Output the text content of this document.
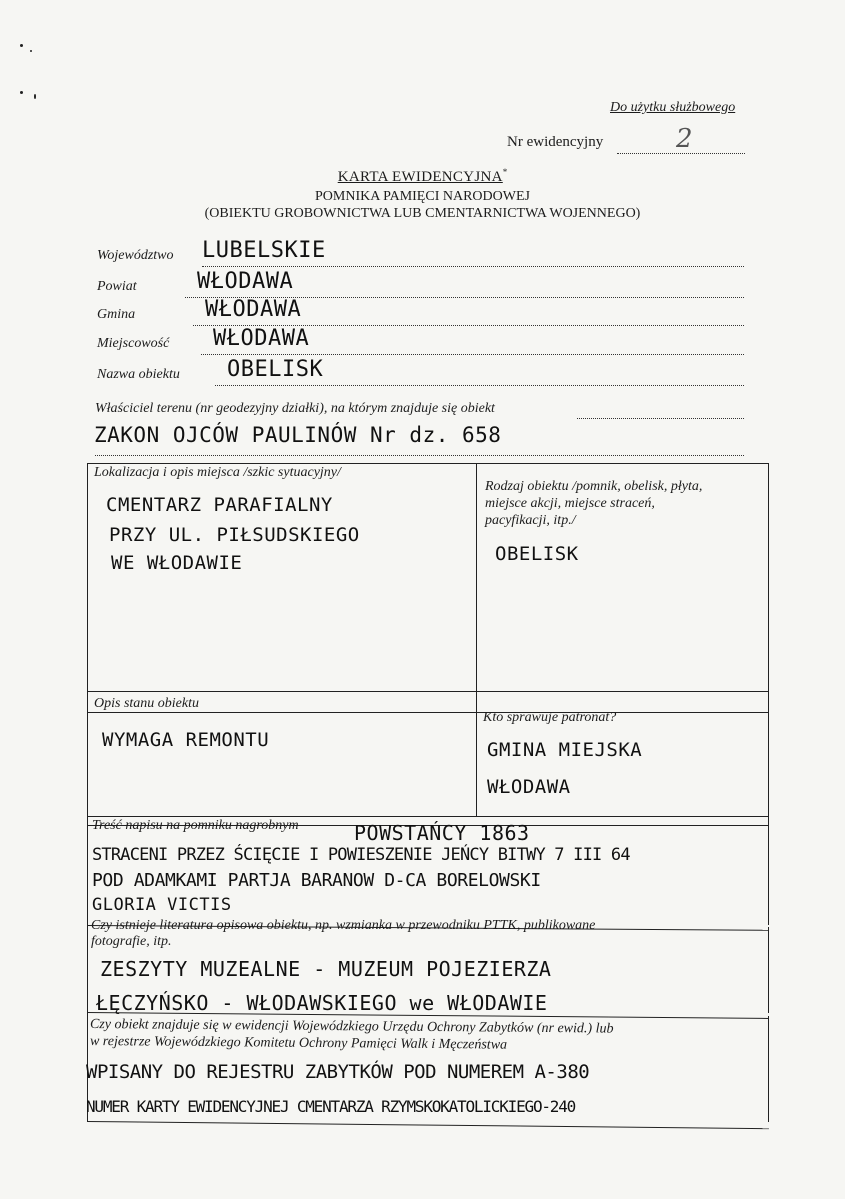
Do użytku służbowego
Nr ewidencyjny	2
KARTA EWIDENCYJNA*
POMNIKA PAMIĘCI NARODOWEJ
(OBIEKTU GROBOWNICTWA LUB CMENTARNICTWA WOJENNEGO)
Województwo LUBELSKIE
Powiat	WŁODAWA
Gmina	WŁODAWA
Miejscowość WŁODAWA
Nazwa obiektu OBELISK
Właściciel terenu (nr geodezyjny działki), na którym znajduje się obiekt
ZAKON OJCÓW PAULINÓW Nr dz. 658
Lokalizacja i opis miejsca /szkic sytuacyjny/
CMENTARZ PARAFIALNY
PRZY UL. PIŁSUDSKIEGO
WE WŁODAWIE
Rodzaj obiektu /pomnik, obelisk, płyta,
miejsce akcji, miejsce straceń,
pacyfikacji, itp./
OBELISK
Opis stanu obiektu
WYMAGA REMONTU
Kto sprawuje patronat?
GMINA MIEJSKA
WŁODAWA
Treść napisu na pomniku nagrobnym	POWSTAŃCY 1863
STRACENI PRZEZ ŚCIĘCIE I POWIESZENIE JEŃCY BITWY 7 III 64
POD ADAMKAMI PARTJA BARANOW D-CA BORELOWSKI
GLORIA VICTIS
Czy istnieje literatura opisowa obiektu, np. wzmianka w przewodniku PTTK, publikowane
fotografie, itp.
ZESZYTY MUZEALNE - MUZEUM POJEZIERZA
ŁĘCZYŃSKO - WŁODAWSKIEGO we WŁODAWIE
Czy obiekt znajduje się w ewidencji Wojewódzkiego Urzędu Ochrony Zabytków (nr ewid.) lub
w rejestrze Wojewódzkiego Komitetu Ochrony Pamięci Walk i Męczeństwa
WPISANY DO REJESTRU ZABYTKÓW POD NUMEREM A-380
NUMER KARTY EWIDENCYJNEJ CMENTARZA RZYMSKOKATOLICKIEGO-240
